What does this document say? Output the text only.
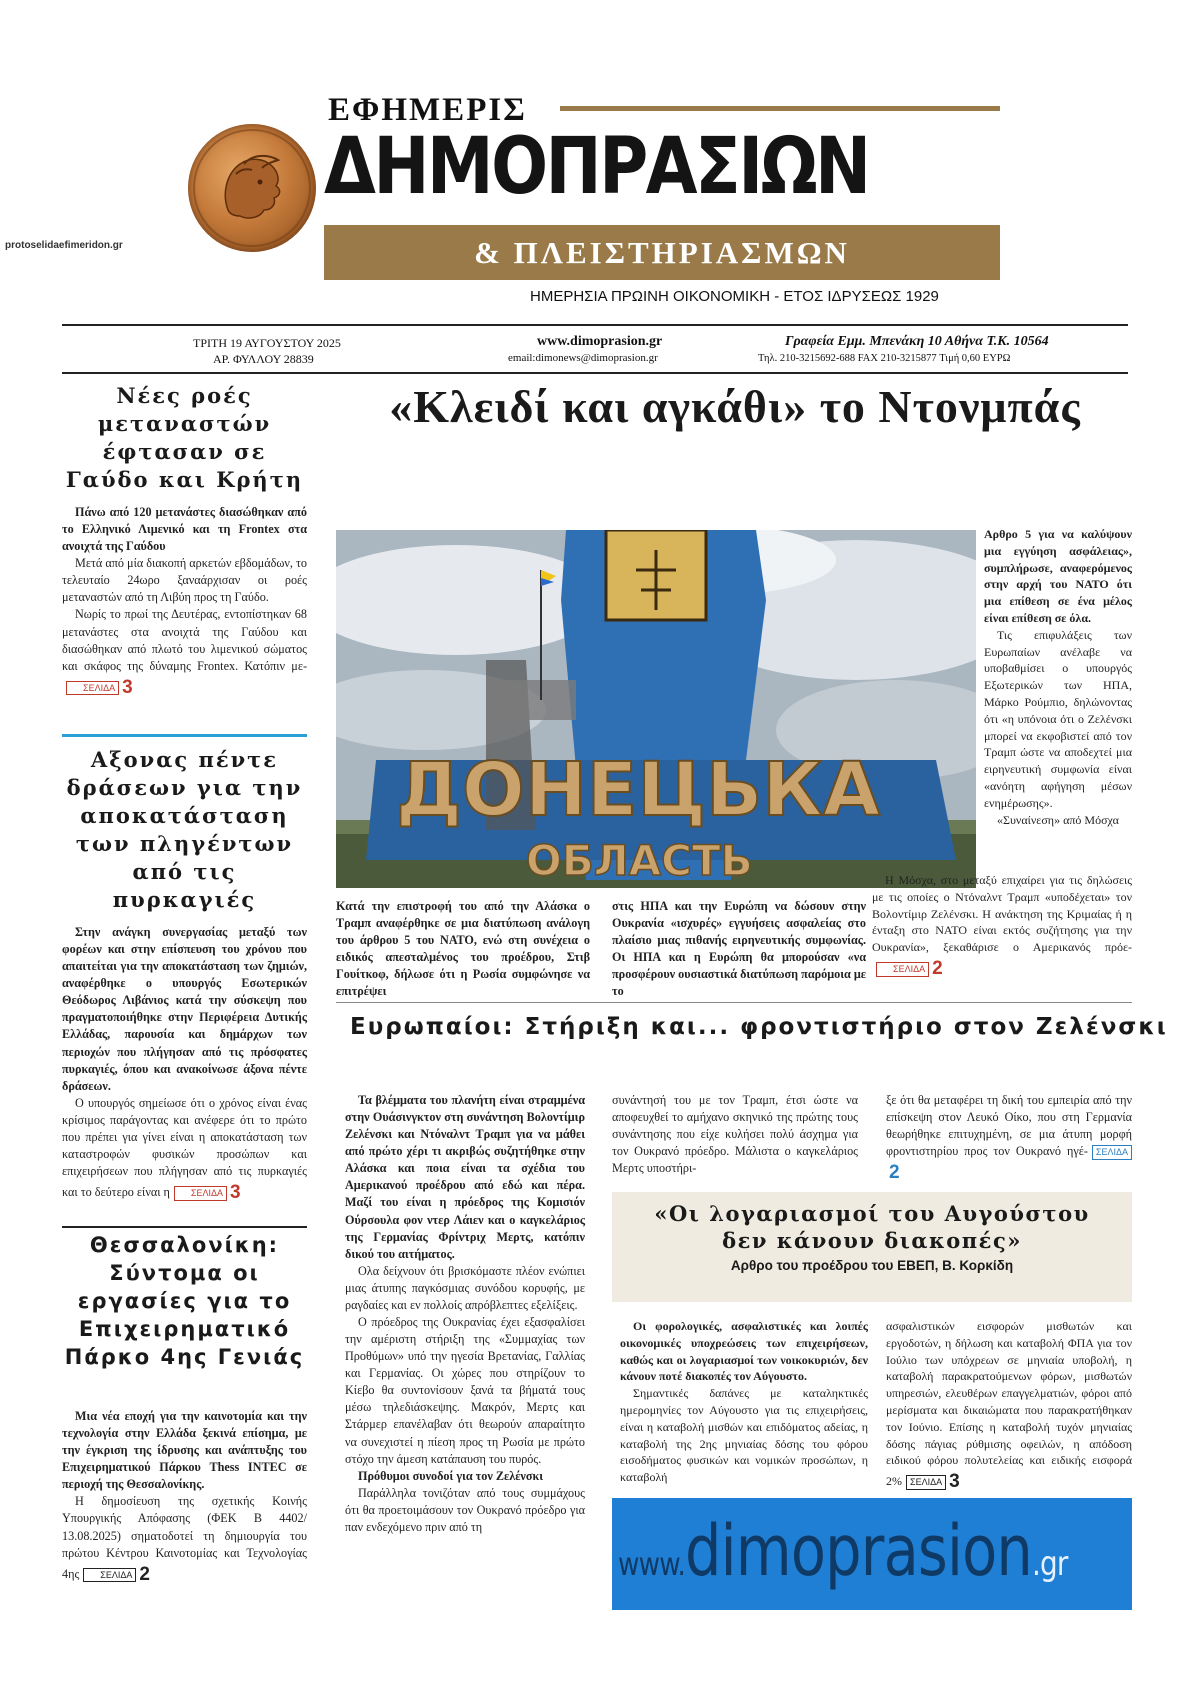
protoselidaefimeridon.gr
ΕΦΗΜΕΡΙΣ
ΔΗΜΟΠΡΑΣΙΩΝ
& ΠΛΕΙΣΤΗΡΙΑΣΜΩΝ
ΗΜΕΡΗΣΙΑ ΠΡΩΙΝΗ ΟΙΚΟΝΟΜΙΚΗ - ΕΤΟΣ ΙΔΡΥΣΕΩΣ 1929
ΤΡΙΤΗ 19 ΑΥΓΟΥΣΤΟΥ 2025
ΑΡ. ΦΥΛΛΟΥ 28839
www.dimoprasion.gr
email:dimonews@dimoprasion.gr
Γραφεία Εμμ. Μπενάκη 10 Αθήνα Τ.Κ. 10564
Τηλ. 210-3215692-688 FAX 210-3215877 Τιμή 0,60 ΕΥΡΩ
«Κλειδί και αγκάθι» το Ντονμπάς
Νέες ροές μεταναστών έφτασαν σε Γαύδο και Κρήτη

Πάνω από 120 μετανάστες διασώθηκαν από το Ελληνικό Λιμενικό και τη Frontex στα ανοιχτά της Γαύδου

Μετά από μία διακοπή αρκετών εβδομάδων, το τελευταίο 24ωρο ξαναάρχισαν οι ροές μεταναστών από τη Λιβύη προς τη Γαύδο.

Νωρίς το πρωί της Δευτέρας, εντοπίστηκαν 68 μετανάστες στα ανοιχτά της Γαύδου και διασώθηκαν από πλωτό του λιμενικού σώματος και σκάφος της δύναμης Frontex. Κατόπιν με-ΣΕΛΙΔΑ 3

Αξονας πέντε δράσεων για την αποκατάσταση των πληγέντων από τις πυρκαγιές

Στην ανάγκη συνεργασίας μεταξύ των φορέων και στην επίσπευση του χρόνου που απαιτείται για την αποκατάσταση των ζημιών, αναφέρθηκε ο υπουργός Εσωτερικών Θεόδωρος Λιβάνιος κατά την σύσκεψη που πραγματοποιήθηκε στην Περιφέρεια Δυτικής Ελλάδας, παρουσία και δημάρχων των περιοχών που πλήγησαν από τις πρόσφατες πυρκαγιές, όπου και ανακοίνωσε άξονα πέντε δράσεων.

Ο υπουργός σημείωσε ότι ο χρόνος είναι ένας κρίσιμος παράγοντας και ανέφερε ότι το πρώτο που πρέπει για γίνει είναι η αποκατάσταση των καταστροφών φυσικών προσώπων και επιχειρήσεων που πλήγησαν από τις πυρκαγιές και το δεύτερο είναι η ΣΕΛΙΔΑ 3

Θεσσαλονίκη: Σύντομα οι εργασίες για το Επιχειρηματικό Πάρκο 4ης Γενιάς

Μια νέα εποχή για την καινοτομία και την τεχνολογία στην Ελλάδα ξεκινά επίσημα, με την έγκριση της ίδρυσης και ανάπτυξης του Επιχειρηματικού Πάρκου Thess INTEC σε περιοχή της Θεσσαλονίκης.

Η δημοσίευση της σχετικής Κοινής Υπουργικής Απόφασης (ΦΕΚ Β 4402/ 13.08.2025) σηματοδοτεί τη δημιουργία του πρώτου Κέντρου Καινοτομίας και Τεχνολογίας 4ης ΣΕΛΙΔΑ 2

ДОНЕЦЬКА
ОБЛАСТЬ

Κατά την επιστροφή του από την Αλάσκα ο Τραμπ αναφέρθηκε σε μια διατύπωση ανάλογη του άρθρου 5 του ΝΑΤΟ, ενώ στη συνέχεια ο ειδικός απεσταλμένος του προέδρου, Στιβ Γουίτκοφ, δήλωσε ότι η Ρωσία συμφώνησε να επιτρέψει

στις ΗΠΑ και την Ευρώπη να δώσουν στην Ουκρανία «ισχυρές» εγγυήσεις ασφαλείας στο πλαίσιο μιας πιθανής ειρηνευτικής συμφωνίας. Οι ΗΠΑ και η Ευρώπη θα μπορούσαν «να προσφέρουν ουσιαστικά διατύπωση παρόμοια με το

Αρθρο 5 για να καλύψουν μια εγγύηση ασφάλειας», συμπλήρωσε, αναφερόμενος στην αρχή του ΝΑΤΟ ότι μια επίθεση σε ένα μέλος είναι επίθεση σε όλα.

Τις επιφυλάξεις των Ευρωπαίων ανέλαβε να υποβαθμίσει ο υπουργός Εξωτερικών των ΗΠΑ, Μάρκο Ρούμπιο, δηλώνοντας ότι «η υπόνοια ότι ο Ζελένσκι μπορεί να εκφοβιστεί από τον Τραμπ ώστε να αποδεχτεί μια ειρηνευτική συμφωνία είναι «ανόητη αφήγηση μέσων ενημέρωσης».

«Συναίνεση» από Μόσχα

Η Μόσχα, στο μεταξύ επιχαίρει για τις δηλώσεις με τις οποίες ο Ντόναλντ Τραμπ «υποδέχεται» τον Βολοντίμιρ Ζελένσκι. Η ανάκτηση της Κριμαίας ή η ένταξη στο ΝΑΤΟ είναι εκτός συζήτησης για την Ουκρανία», ξεκαθάρισε ο Αμερικανός πρόε-ΣΕΛΙΔΑ 2

Ευρωπαίοι: Στήριξη και... φροντιστήριο στον Ζελένσκι

Τα βλέμματα του πλανήτη είναι στραμμένα στην Ουάσινγκτον στη συνάντηση Βολοντίμιρ Ζελένσκι και Ντόναλντ Τραμπ για να μάθει από πρώτο χέρι τι ακριβώς συζητήθηκε στην Αλάσκα και ποια είναι τα σχέδια του Αμερικανού προέδρου από εδώ και πέρα. Μαζί του είναι η πρόεδρος της Κομισιόν Ούρσουλα φον ντερ Λάιεν και ο καγκελάριος της Γερμανίας Φρίντριχ Μερτς, κατόπιν δικού του αιτήματος.

Ολα δείχνουν ότι βρισκόμαστε πλέον ενώπιει μιας άτυπης παγκόσμιας συνόδου κορυφής, με ραγδαίες και εν πολλοίς απρόβλεπτες εξελίξεις.

Ο πρόεδρος της Ουκρανίας έχει εξασφαλίσει την αμέριστη στήριξη της «Συμμαχίας των Προθύμων» υπό την ηγεσία Βρετανίας, Γαλλίας και Γερμανίας. Οι χώρες που στηρίζουν το Κίεβο θα συντονίσουν ξανά τα βήματά τους μέσω τηλεδιάσκεψης. Μακρόν, Μερτς και Στάρμερ επανέλαβαν ότι θεωρούν απαραίτητο να συνεχιστεί η πίεση προς τη Ρωσία με πρώτο στόχο την άμεση κατάπαυση του πυρός.

Πρόθυμοι συνοδοί για τον Ζελένσκι

Παράλληλα τονιζόταν από τους συμμάχους ότι θα προετοιμάσουν τον Ουκρανό πρόεδρο για παν ενδεχόμενο πριν από τη

συνάντησή του με τον Τραμπ, έτσι ώστε να αποφευχθεί το αμήχανο σκηνικό της πρώτης τους συνάντησης που είχε κυλήσει πολύ άσχημα για τον Ουκρανό πρόεδρο. Μάλιστα ο καγκελάριος Μερτς υποστήρι-

ξε ότι θα μεταφέρει τη δική του εμπειρία από την επίσκεψη στον Λευκό Οίκο, που στη Γερμανία θεωρήθηκε επιτυχημένη, σε μια άτυπη μορφή φροντιστηρίου προς τον Ουκρανό ηγέ- ΣΕΛΙΔΑ2

«Οι λογαριασμοί του Αυγούστου
δεν κάνουν διακοπές»
Αρθρο του προέδρου του ΕΒΕΠ, Β. Κορκίδη

Οι φορολογικές, ασφαλιστικές και λοιπές οικονομικές υποχρεώσεις των επιχειρήσεων, καθώς και οι λογαριασμοί των νοικοκυριών, δεν κάνουν ποτέ διακοπές τον Αύγουστο.

Σημαντικές δαπάνες με καταληκτικές ημερομηνίες τον Αύγουστο για τις επιχειρήσεις, είναι η καταβολή μισθών και επιδόματος αδείας, η καταβολή της 2ης μηνιαίας δόσης του φόρου εισοδήματος φυσικών και νομικών προσώπων, η καταβολή

ασφαλιστικών εισφορών μισθωτών και εργοδοτών, η δήλωση και καταβολή ΦΠΑ για τον Ιούλιο των υπόχρεων σε μηνιαία υποβολή, η καταβολή παρακρατούμενων φόρων, μισθωτών υπηρεσιών, ελευθέρων επαγγελματιών, φόροι από μερίσματα και δικαιώματα που παρακρατήθηκαν τον Ιούνιο. Επίσης η καταβολή τυχόν μηνιαίας δόσης πάγιας ρύθμισης οφειλών, η απόδοση ειδικού φόρου πολυτελείας και ειδικής εισφορά 2% ΣΕΛΙΔΑ 3

www.dimoprasion.gr
